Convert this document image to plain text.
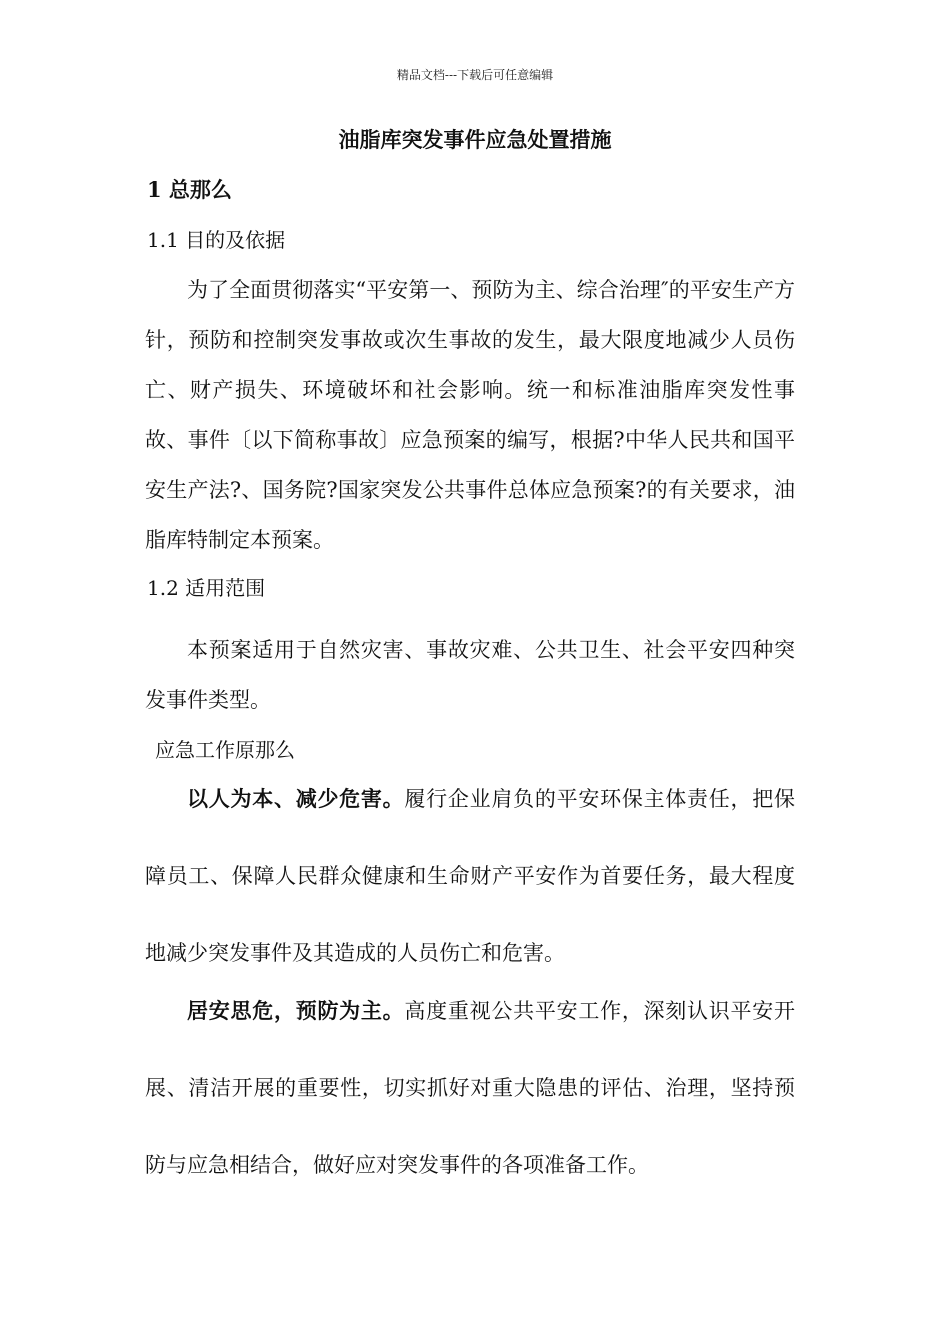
精品文档---下载后可任意编辑
油脂库突发事件应急处置措施
1 总那么
1.1 目的及依据

为了全面贯彻落实“平安第一、预防为主、综合治理″的平安生产方针，预防和控制突发事故或次生事故的发生，最大限度地减少人员伤亡、财产损失、环境破坏和社会影响。统一和标准油脂库突发性事故、事件〔以下简称事故〕应急预案的编写，根据?中华人民共和国平安生产法?、国务院?国家突发公共事件总体应急预案?的有关要求，油脂库特制定本预案。

1.2 适用范围

本预案适用于自然灾害、事故灾难、公共卫生、社会平安四种突发事件类型。

应急工作原那么

以人为本、减少危害。履行企业肩负的平安环保主体责任，把保障员工、保障人民群众健康和生命财产平安作为首要任务，最大程度地减少突发事件及其造成的人员伤亡和危害。

居安思危，预防为主。高度重视公共平安工作，深刻认识平安开展、清洁开展的重要性，切实抓好对重大隐患的评估、治理，坚持预防与应急相结合，做好应对突发事件的各项准备工作。
